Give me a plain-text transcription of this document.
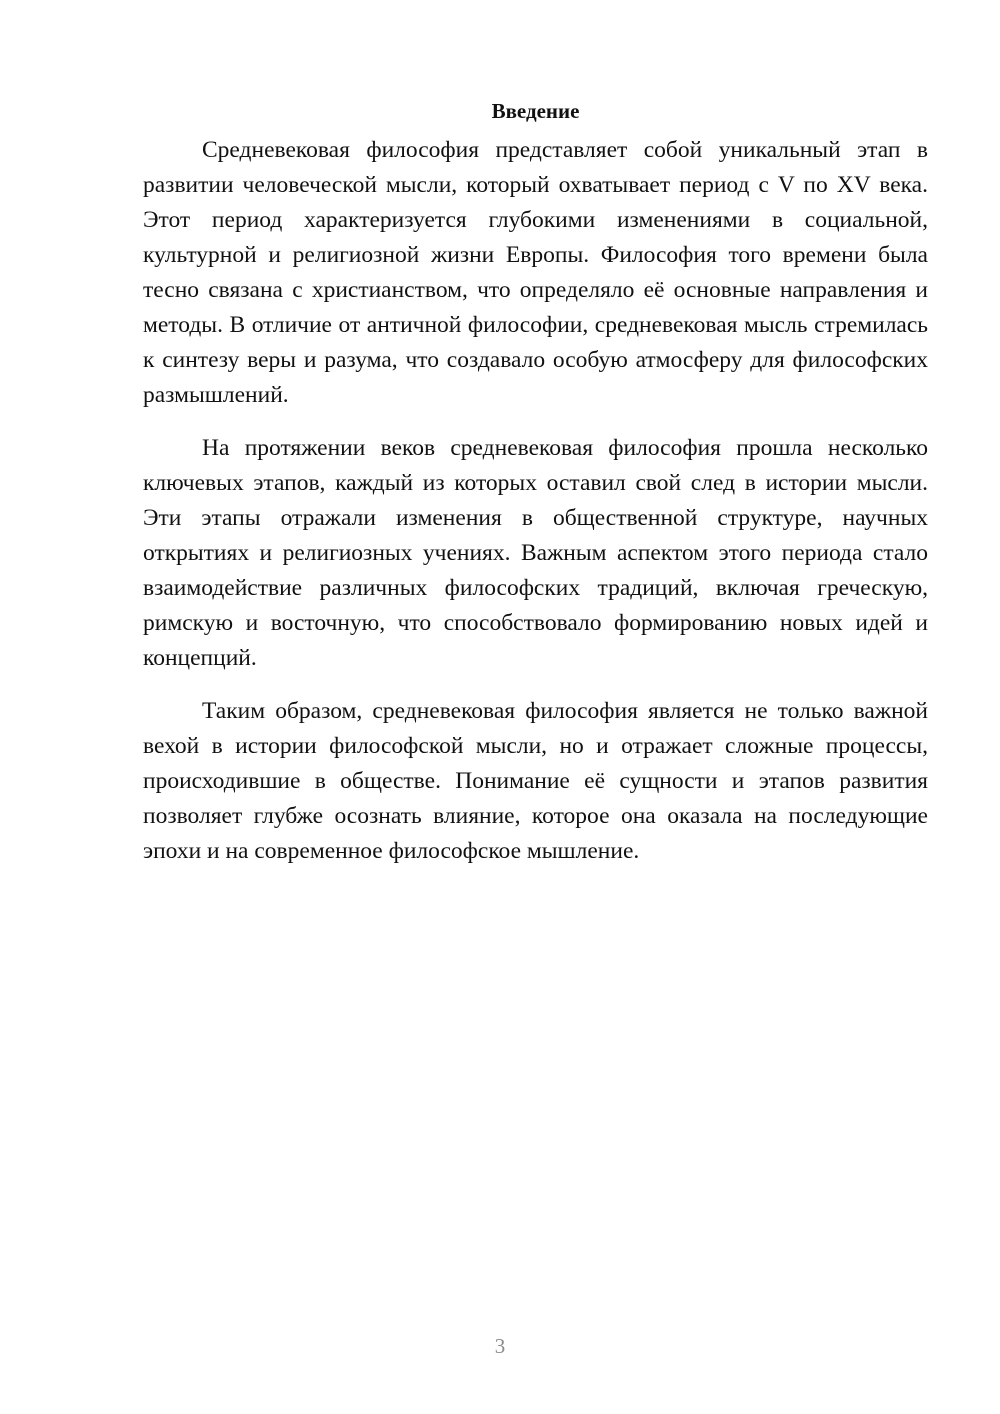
Введение

Средневековая философия представляет собой уникальный этап в развитии человеческой мысли, который охватывает период с V по XV века. Этот период характеризуется глубокими изменениями в социальной, культурной и религиозной жизни Европы. Философия того времени была тесно связана с христианством, что определяло её основные направления и методы. В отличие от античной философии, средневековая мысль стремилась к синтезу веры и разума, что создавало особую атмосферу для философских размышлений.

На протяжении веков средневековая философия прошла несколько ключевых этапов, каждый из которых оставил свой след в истории мысли. Эти этапы отражали изменения в общественной структуре, научных открытиях и религиозных учениях. Важным аспектом этого периода стало взаимодействие различных философских традиций, включая греческую, римскую и восточную, что способствовало формированию новых идей и концепций.

Таким образом, средневековая философия является не только важной вехой в истории философской мысли, но и отражает сложные процессы, происходившие в обществе. Понимание её сущности и этапов развития позволяет глубже осознать влияние, которое она оказала на последующие эпохи и на современное философское мышление.

3
